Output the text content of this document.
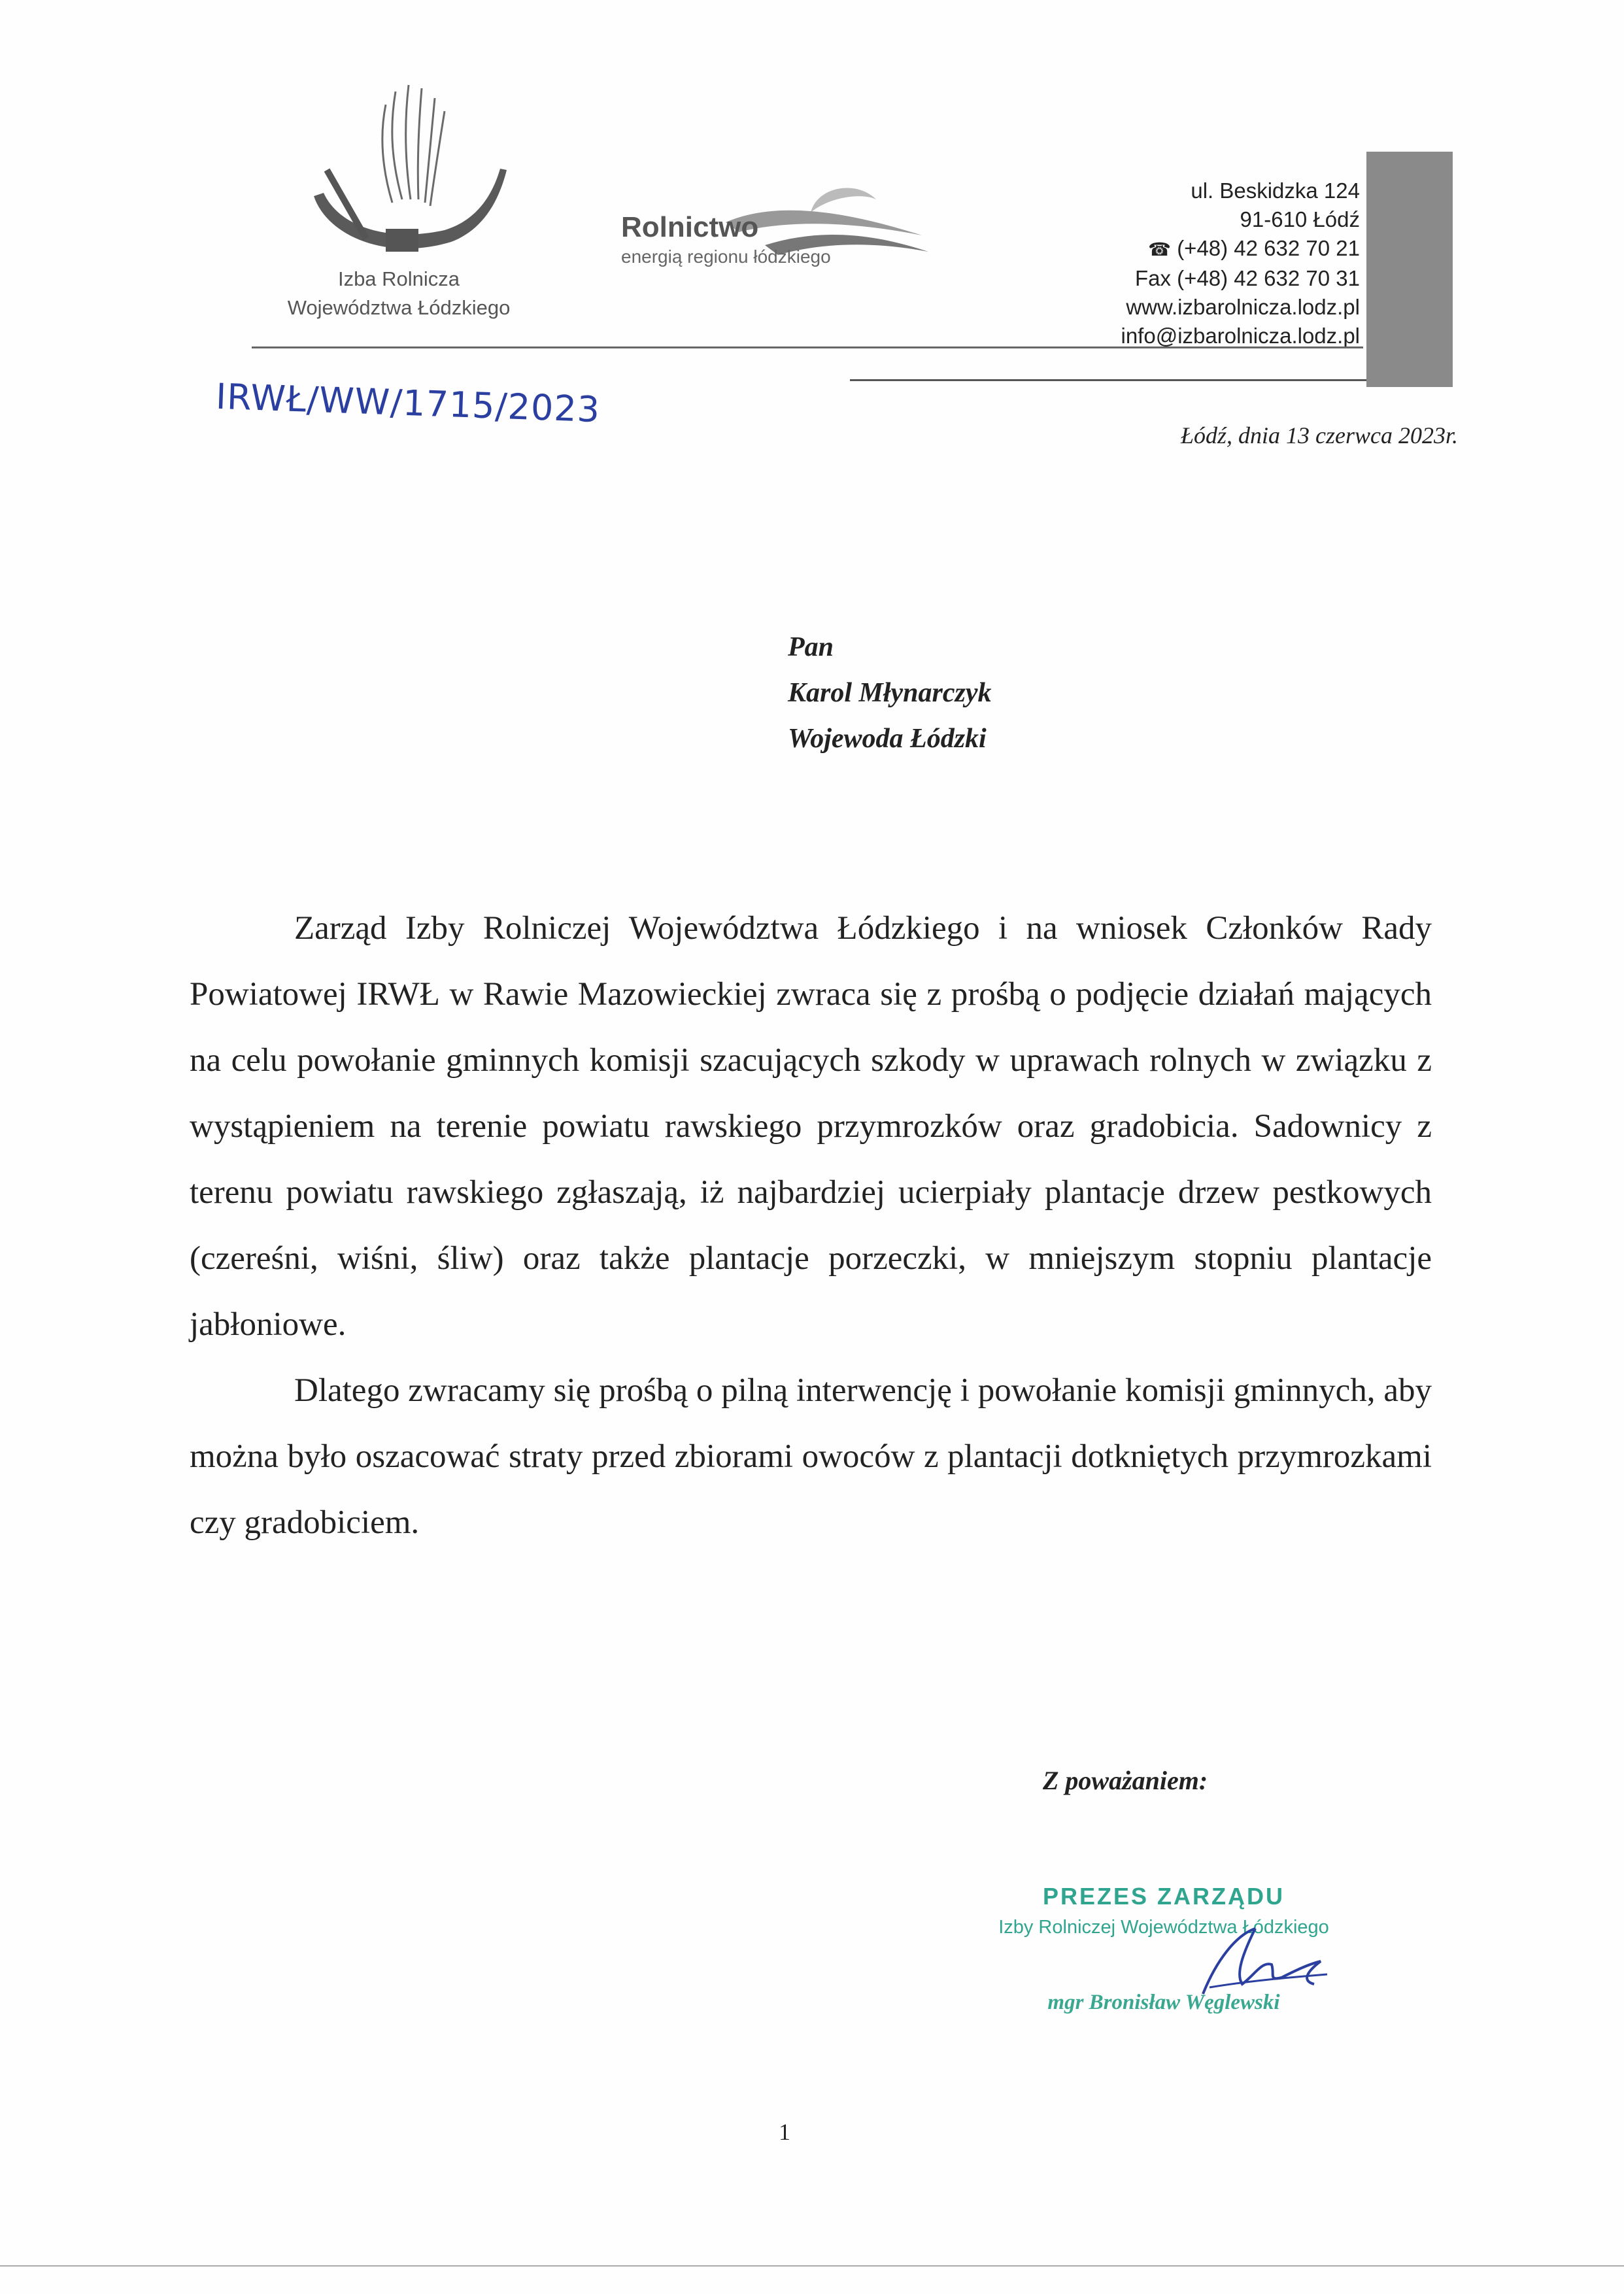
Izba Rolnicza
Województwa Łódzkiego
Rolnictwo
energią regionu łódzkiego
ul. Beskidzka 124
91-610 Łódź
☎ (+48) 42 632 70 21
Fax (+48) 42 632 70 31
www.izbarolnicza.lodz.pl
info@izbarolnicza.lodz.pl
IRWŁ/WW/1715/2023
Łódź, dnia 13 czerwca 2023r.
Pan
Karol Młynarczyk
Wojewoda Łódzki

Zarząd Izby Rolniczej Województwa Łódzkiego i na wniosek Członków Rady Powiatowej IRWŁ w Rawie Mazowieckiej zwraca się z prośbą o podjęcie działań mających na celu powołanie gminnych komisji szacujących szkody w uprawach rolnych w związku z wystąpieniem na terenie powiatu rawskiego przymrozków oraz gradobicia. Sadownicy z terenu powiatu rawskiego zgłaszają, iż najbardziej ucierpiały plantacje drzew pestkowych (czereśni, wiśni, śliw) oraz także plantacje porzeczki, w mniejszym stopniu plantacje jabłoniowe.

Dlatego zwracamy się prośbą o pilną interwencję i powołanie komisji gminnych, aby można było oszacować straty przed zbiorami owoców z plantacji dotkniętych przymrozkami czy gradobiciem.

Z poważaniem:
PREZES ZARZĄDU
Izby Rolniczej Województwa Łódzkiego
mgr Bronisław Węglewski
1
